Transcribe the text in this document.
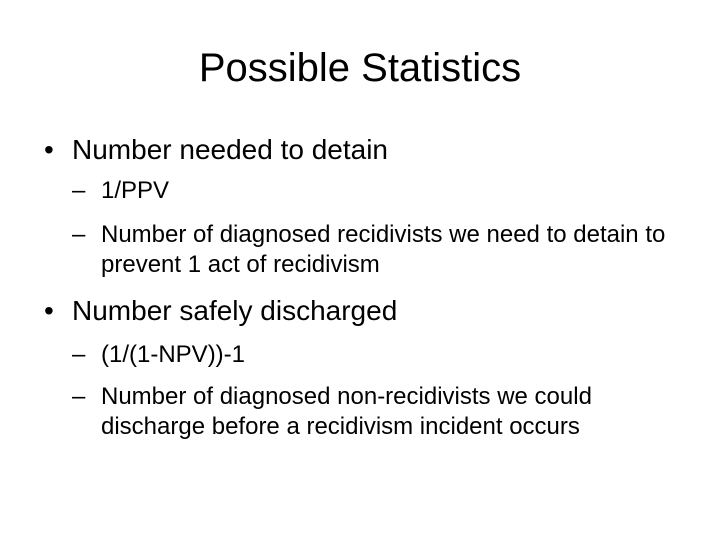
Possible Statistics
• Number needed to detain
– 1/PPV
– Number of diagnosed recidivists we need to detain to prevent 1 act of recidivism
• Number safely discharged
– (1/(1-NPV))-1
– Number of diagnosed non-recidivists we could discharge before a recidivism incident occurs
